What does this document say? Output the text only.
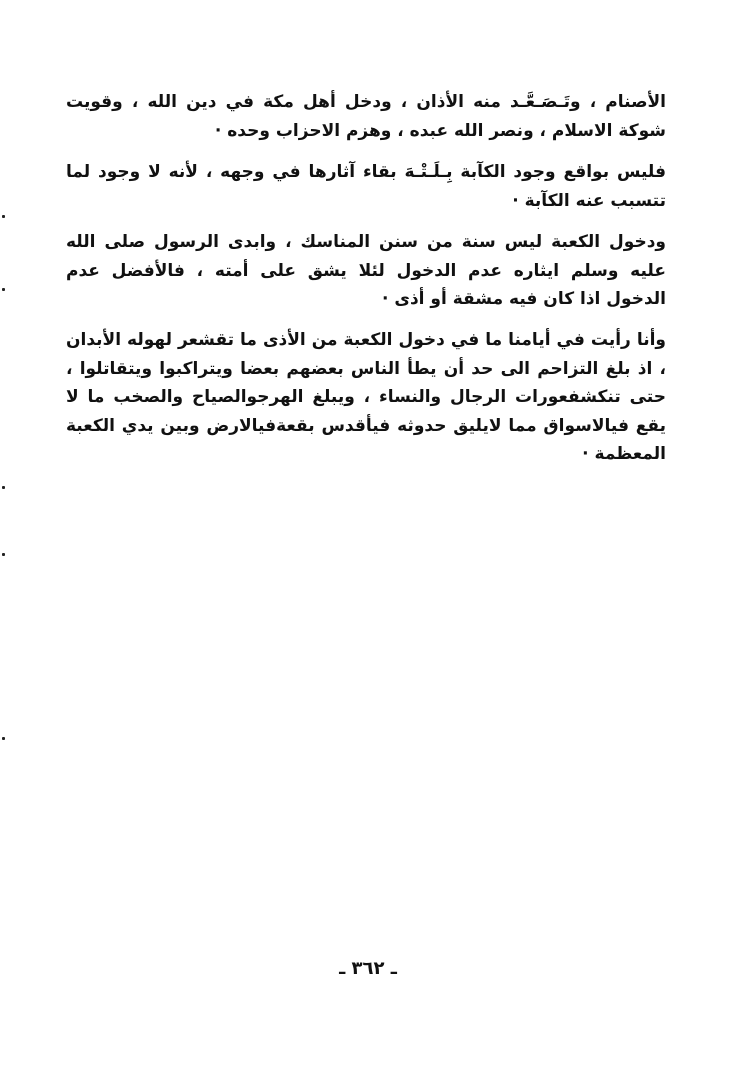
الأصنام ، وتَـصَـعَّـد منه الأذان ، ودخل أهل مكة في دين الله ، وقويت شوكة الاسلام ، ونصر الله عبده ، وهزم الاحزاب وحده ·

فليس بواقع وجود الكآبة بِـلَـتْـهَ بقاء آثارها في وجهه ، لأنه لا وجود لما تتسبب عنه الكآبة ·

ودخول الكعبة ليس سنة من سنن المناسك ، وابدى الرسول صلى الله عليه وسلم ايثاره عدم الدخول لئلا يشق على أمته ، فالأفضل عدم الدخول اذا كان فيه مشقة أو أذى ·

وأنا رأيت في أيامنا ما في دخول الكعبة من الأذى ما تقشعر لهوله الأبدان ، اذ بلغ التزاحم الى حد أن يطأ الناس بعضهم بعضا ويتراكبوا ويتقاتلوا ، حتى تنكشفعورات الرجال والنساء ، ويبلغ الهرجوالصياح والصخب ما لا يقع فيالاسواق مما لايليق حدوثه فيأقدس بقعةفيالارض وبين يدي الكعبة المعظمة ·

ـ ٣٦٢ ـ
